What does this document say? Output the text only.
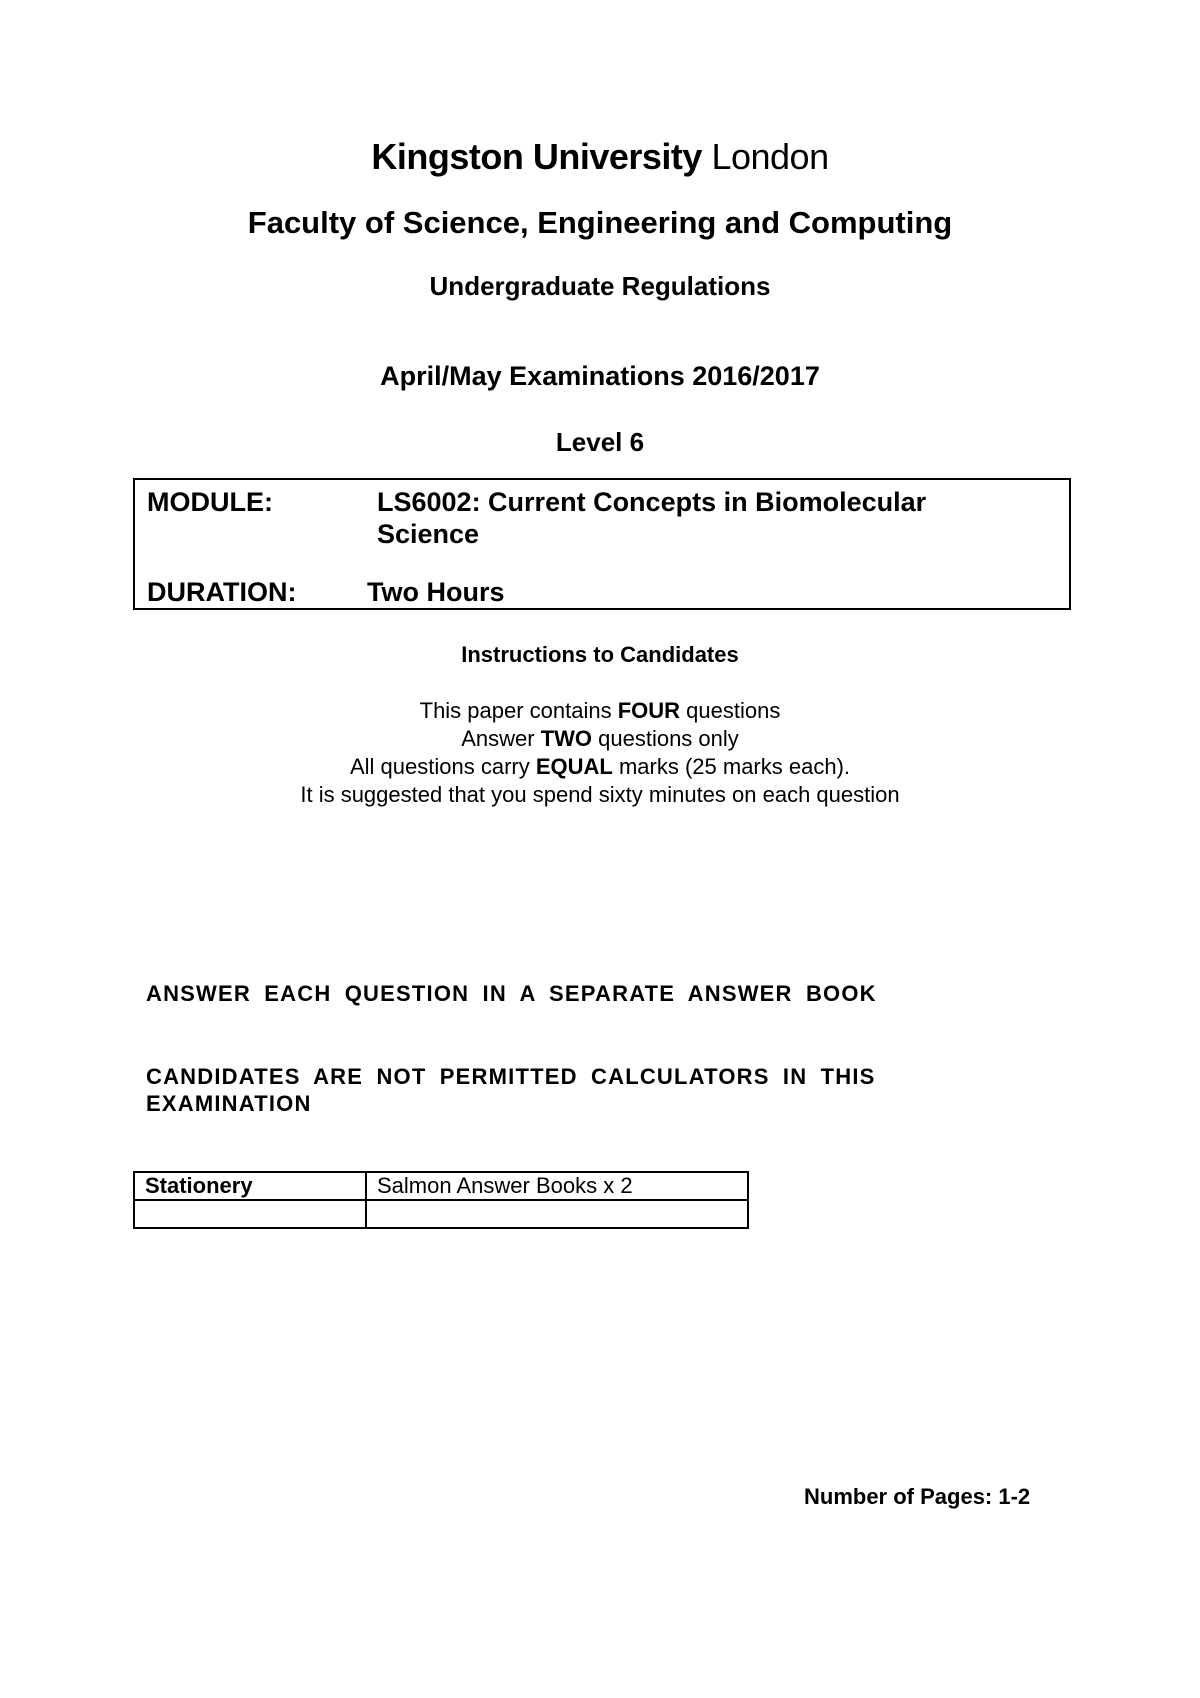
Kingston University London
Faculty of Science, Engineering and Computing
Undergraduate Regulations
April/May Examinations 2016/2017
Level 6
MODULE:	LS6002: Current Concepts in Biomolecular
Science
DURATION:	Two Hours
Instructions to Candidates
This paper contains FOUR questions
Answer TWO questions only
All questions carry EQUAL marks (25 marks each).
It is suggested that you spend sixty minutes on each question
ANSWER EACH QUESTION IN A SEPARATE ANSWER BOOK
CANDIDATES ARE NOT PERMITTED CALCULATORS IN THIS
EXAMINATION
Stationery	Salmon Answer Books x 2

Number of Pages: 1-2
